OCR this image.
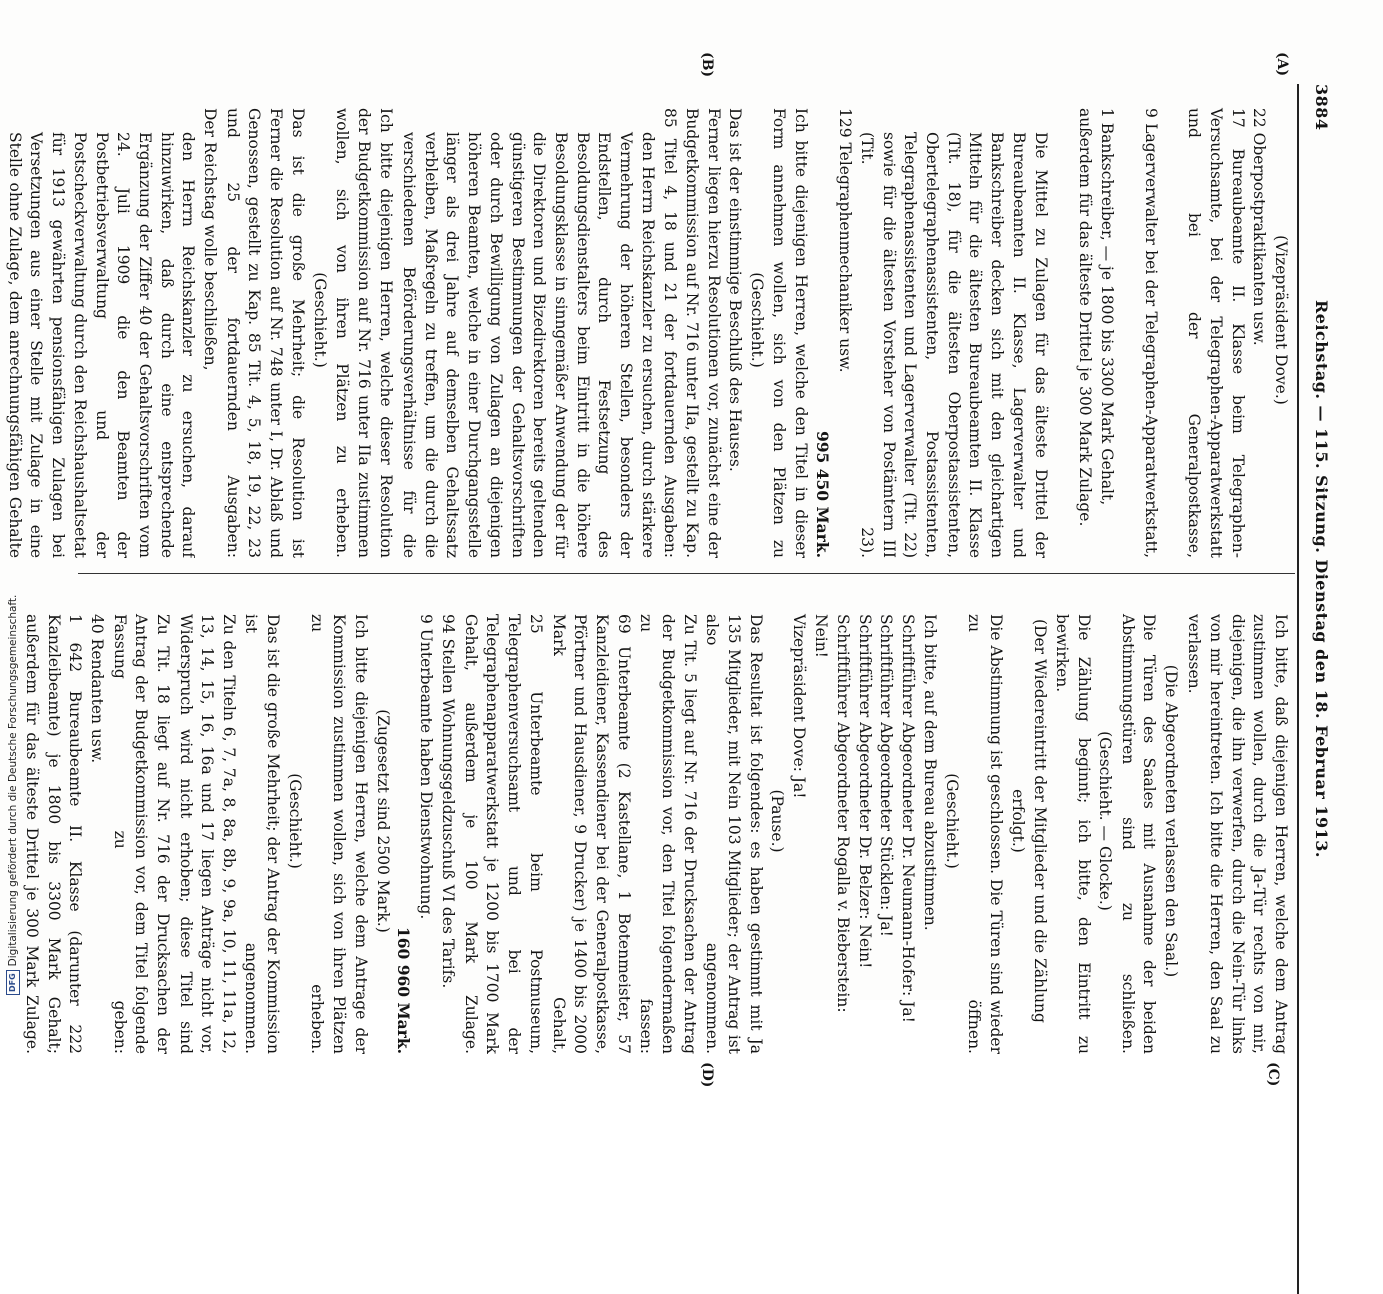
3884
Reichstag. — 115. Sitzung. Dienstag den 18. Februar 1913.
(A)
(B)
(C)
(D)
(Vizepräsident Dove.)
22 Oberpostpraktikanten usw.
17 Bureaubeamte II. Klasse beim Telegraphen-Versuchsamte, bei der Telegraphen-Apparatwerkstatt und bei der Generalpostkasse,
9 Lagerverwalter bei der Telegraphen-Apparatwerkstatt,
1 Bankschreiber, — je 1800 bis 3300 Mark Gehalt, außerdem für das älteste Drittel je 300 Mark Zulage.
Die Mittel zu Zulagen für das älteste Drittel der Bureaubeamten II. Klasse, Lagerverwalter und Bankschreiber decken sich mit den gleichartigen Mitteln für die ältesten Bureaubeamten II. Klasse (Tit. 18), für die ältesten Oberpostassistenten, Obertelegraphenassistenten, Postassistenten, Telegraphenassistenten und Lagerverwalter (Tit. 22) sowie für die ältesten Vorsteher von Postämtern III (Tit. 23).
129 Telegraphenmechaniker usw.
995 450 Mark.
Ich bitte diejenigen Herren, welche den Titel in dieser Form annehmen wollen, sich von den Plätzen zu
(Geschieht.)
Das ist der einstimmige Beschluß des Hauses.
Ferner liegen hierzu Resolutionen vor, zunächst eine der Budgetkommission auf Nr. 716 unter IIa, gestellt zu Kap. 85 Titel 4, 18 und 21 der fortdauernden Ausgaben:
den Herrn Reichskanzler zu ersuchen, durch stärkere Vermehrung der höheren Stellen, besonders der Endstellen, durch Festsetzung des Besoldungsdienstalters beim Eintritt in die höhere Besoldungsklasse in sinngemäßer Anwendung der für die Direktoren und Bizedirektoren bereits geltenden günstigeren Bestimmungen der Gehaltsvorschriften oder durch Bewilligung von Zulagen an diejenigen höheren Beamten, welche in einer Durchgangsstelle länger als drei Jahre auf demselben Gehaltssatz verbleiben, Maßregeln zu treffen, um die durch die verschiedenen Beförderungsverhältnisse für die
Ich bitte diejenigen Herren, welche dieser Resolution der Budgetkommission auf Nr. 716 unter IIa zustimmen wollen, sich von ihren Plätzen zu erheben.
(Geschieht.)
Das ist die große Mehrheit; die Resolution ist
Ferner die Resolution auf Nr. 748 unter I, Dr. Ablaß und Genossen, gestellt zu Kap. 85 Tit. 4, 5, 18, 19, 22, 23 und 25 der fortdauernden Ausgaben:
Der Reichstag wolle beschließen,
den Herrn Reichskanzler zu ersuchen, darauf hinzuwirken, daß durch eine entsprechende Ergänzung der Ziffer 40 der Gehaltsvorschriften vom 24. Juli 1909 die den Beamten der Postbetriebsverwaltung und der Postscheckverwaltung durch den Reichshaushaltsetat für 1913 gewährten pensionsfähigen Zulagen bei Versetzungen aus einer Stelle mit Zulage in eine Stelle ohne Zulage, dem anrechnungsfähigen Gehalte
Ich bitte, daß diejenigen Herren, welche dem Antrag zustimmen wollen, durch die Ja-Tür rechts von mir, diejenigen, die ihn verwerfen, durch die Nein-Tür links von mir hereintreten. Ich bitte die Herren, den Saal zu verlassen.
(Die Abgeordneten verlassen den Saal.)
Die Türen des Saales mit Ausnahme der beiden Abstimmungstüren sind zu schließen.
(Geschieht. — Glocke.)
Die Zählung beginnt; ich bitte, den Eintritt zu bewirken.
(Der Wiedereintritt der Mitglieder und die Zählung erfolgt.)
Die Abstimmung ist geschlossen. Die Türen sind wieder zu öffnen.
(Geschieht.)
Ich bitte, auf dem Bureau abzustimmen.
Schriftführer Abgeordneter Dr. Neumann-Hofer: Ja!
Schriftführer Abgeordneter Stücklen: Ja!
Schriftführer Abgeordneter Dr. Belzer: Nein!
Schriftführer Abgeordneter Rogalla v. Bieberstein: Nein!
Vizepräsident Dove: Ja!
(Pause.)
Das Resultat ist folgendes: es haben gestimmt mit Ja 135 Mitglieder, mit Nein 103 Mitglieder; der Antrag ist also angenommen.
Zu Tit. 5 liegt auf Nr. 716 der Drucksachen der Antrag der Budgetkommission vor, den Titel folgendermaßen zu fassen:
69 Unterbeamte (2 Kastellane, 1 Botenmeister, 57 Kanzleidiener, Kassendiener bei der Generalpostkasse, Pförtner und Hausdiener, 9 Drucker) je 1400 bis 2000 Mark Gehalt,
25 Unterbeamte beim Postmuseum, Telegraphenversuchsamt und bei der Telegraphenapparatwerkstatt je 1200 bis 1700 Mark Gehalt, außerdem je 100 Mark Zulage.
94 Stellen Wohnungsgeldzuschuß VI des Tarifs.
9 Unterbeamte haben Dienstwohnung.
160 960 Mark.
(Zugesetzt sind 2500 Mark.)
Ich bitte diejenigen Herren, welche dem Antrage der Kommission zustimmen wollen, sich von ihren Plätzen zu erheben.
(Geschieht.)
Das ist die große Mehrheit; der Antrag der Kommission ist angenommen.
Zu den Titeln 6, 7, 7a, 8, 8a, 8b, 9, 9a, 10, 11, 11a, 12, 13, 14, 15, 16, 16a und 17 liegen Anträge nicht vor, Widerspruch wird nicht erhoben; diese Titel sind
Zu Tit. 18 liegt auf Nr. 716 der Drucksachen der Antrag der Budgetkommission vor, dem Titel folgende Fassung zu geben:
40 Rendanten usw.
1 642 Bureaubeamte II. Klasse (darunter 222 Kanzleibeamte) je 1800 bis 3300 Mark Gehalt; außerdem für das älteste Drittel je 300 Mark Zulage.
DFG
Digitalisierung gefördert durch die Deutsche Forschungsgemeinschaft.
